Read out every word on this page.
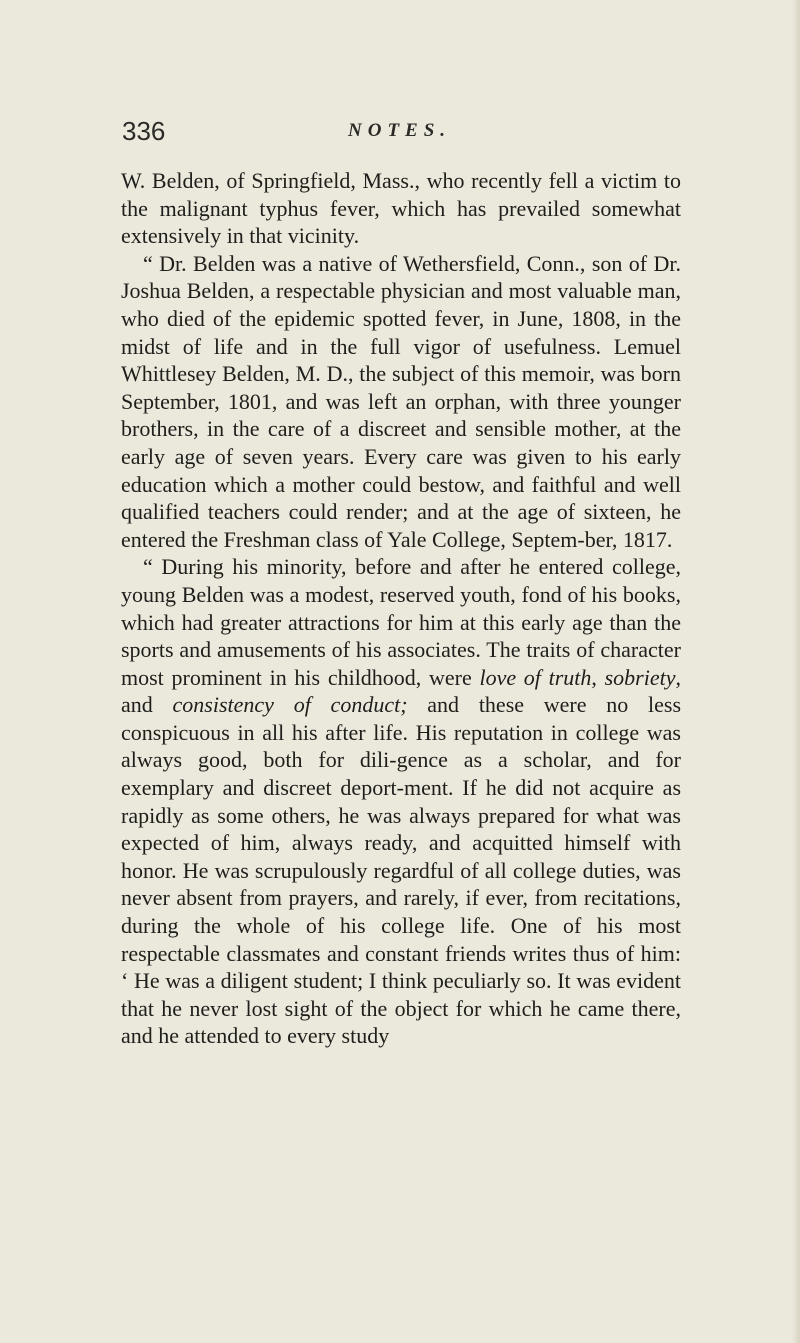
336	NOTES.

W. Belden, of Springfield, Mass., who recently fell a victim to the malignant typhus fever, which has prevailed somewhat extensively in that vicinity.

“ Dr. Belden was a native of Wethersfield, Conn., son of Dr. Joshua Belden, a respectable physician and most valuable man, who died of the epidemic spotted fever, in June, 1808, in the midst of life and in the full vigor of usefulness. Lemuel Whittlesey Belden, M. D., the subject of this memoir, was born September, 1801, and was left an orphan, with three younger brothers, in the care of a discreet and sensible mother, at the early age of seven years. Every care was given to his early education which a mother could bestow, and faithful and well qualified teachers could render; and at the age of sixteen, he entered the Freshman class of Yale College, Septem-ber, 1817.

“ During his minority, before and after he entered college, young Belden was a modest, reserved youth, fond of his books, which had greater attractions for him at this early age than the sports and amusements of his associates. The traits of character most prominent in his childhood, were love of truth, sobriety, and consistency of conduct; and these were no less conspicuous in all his after life. His reputation in college was always good, both for dili-gence as a scholar, and for exemplary and discreet deport-ment. If he did not acquire as rapidly as some others, he was always prepared for what was expected of him, always ready, and acquitted himself with honor. He was scrupulously regardful of all college duties, was never absent from prayers, and rarely, if ever, from recitations, during the whole of his college life. One of his most respectable classmates and constant friends writes thus of him: ‘ He was a diligent student; I think peculiarly so. It was evident that he never lost sight of the object for which he came there, and he attended to every study
